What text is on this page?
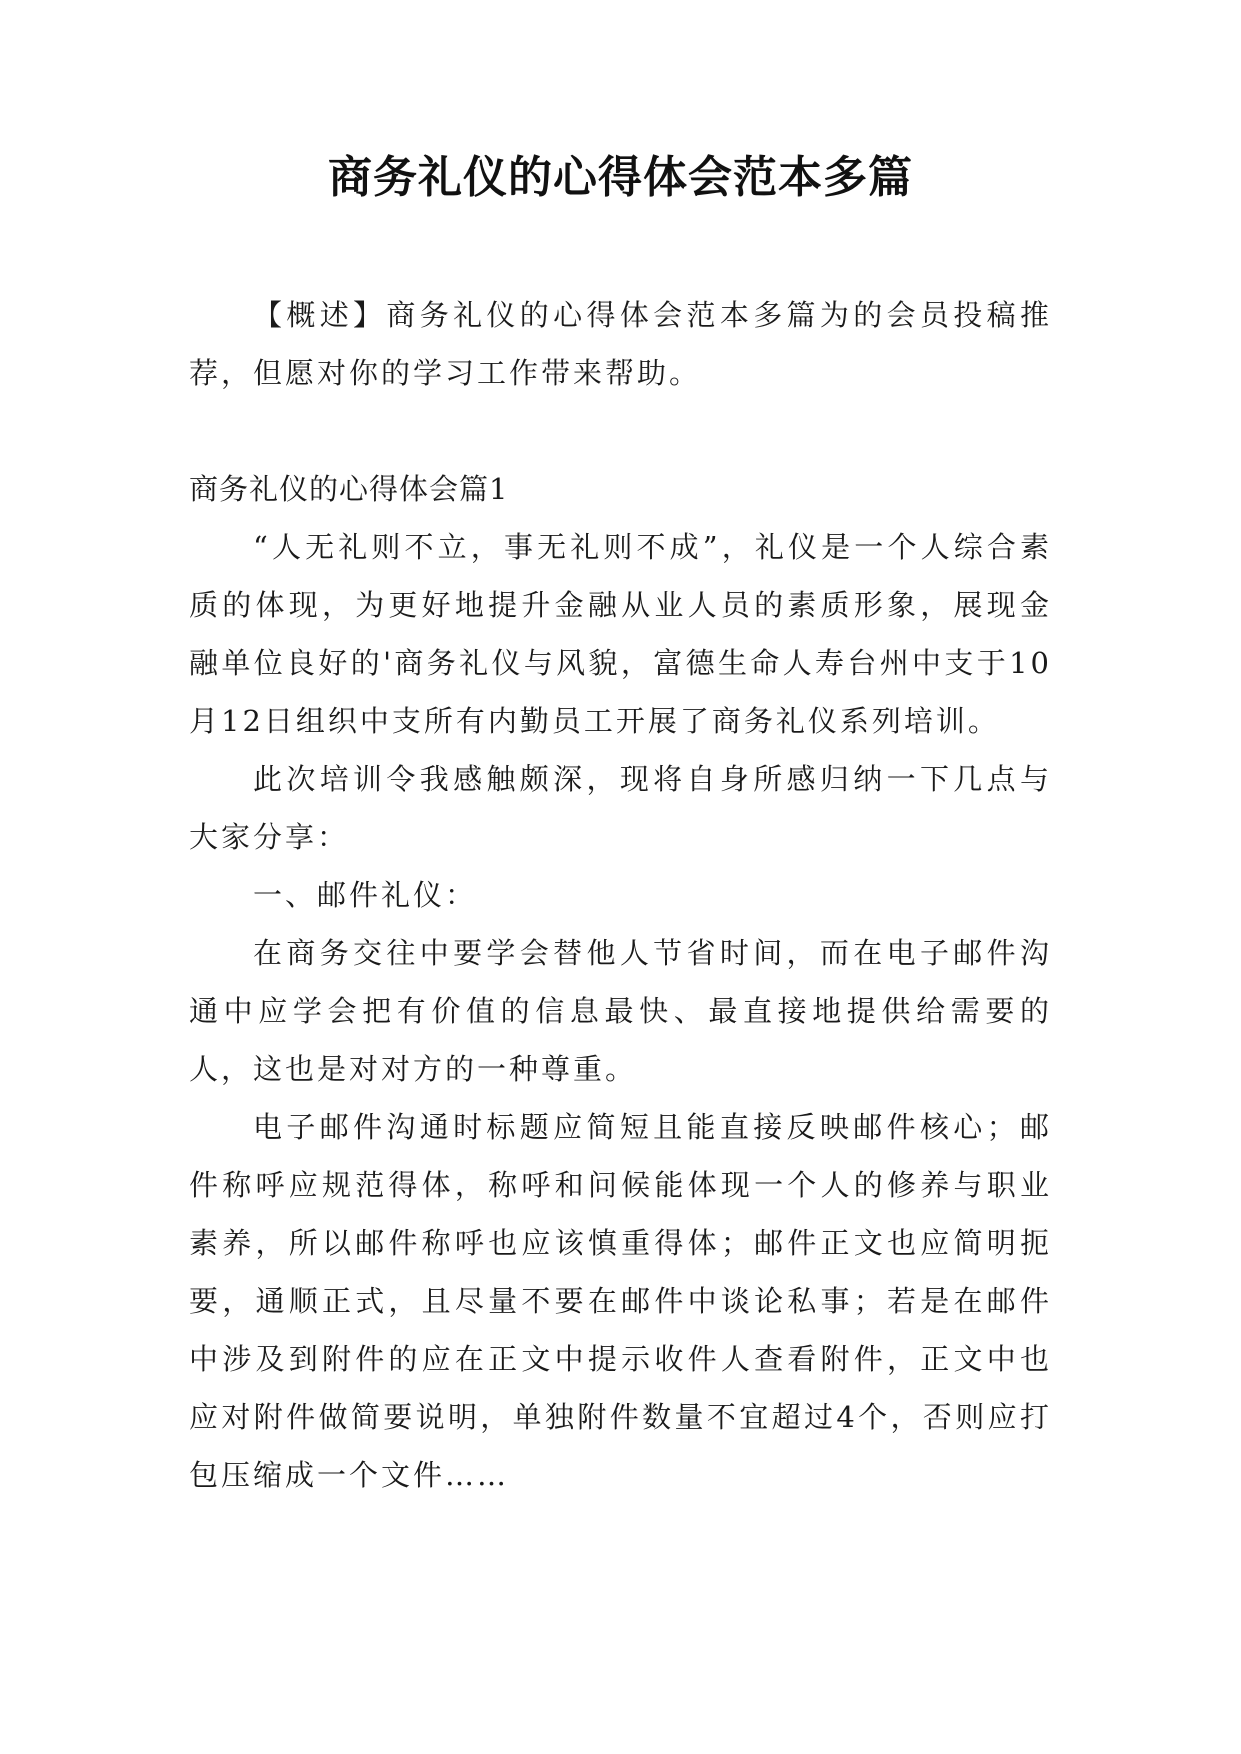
商务礼仪的心得体会范本多篇

【概述】商务礼仪的心得体会范本多篇为的会员投稿推荐，但愿对你的学习工作带来帮助。

商务礼仪的心得体会篇1

“人无礼则不立，事无礼则不成”，礼仪是一个人综合素质的体现，为更好地提升金融从业人员的素质形象，展现金融单位良好的'商务礼仪与风貌，富德生命人寿台州中支于10月12日组织中支所有内勤员工开展了商务礼仪系列培训。

此次培训令我感触颇深，现将自身所感归纳一下几点与大家分享：

一、邮件礼仪：

在商务交往中要学会替他人节省时间，而在电子邮件沟通中应学会把有价值的信息最快、最直接地提供给需要的人，这也是对对方的一种尊重。

电子邮件沟通时标题应简短且能直接反映邮件核心；邮件称呼应规范得体，称呼和问候能体现一个人的修养与职业素养，所以邮件称呼也应该慎重得体；邮件正文也应简明扼要，通顺正式，且尽量不要在邮件中谈论私事；若是在邮件中涉及到附件的应在正文中提示收件人查看附件，正文中也应对附件做简要说明，单独附件数量不宜超过4个，否则应打包压缩成一个文件……
